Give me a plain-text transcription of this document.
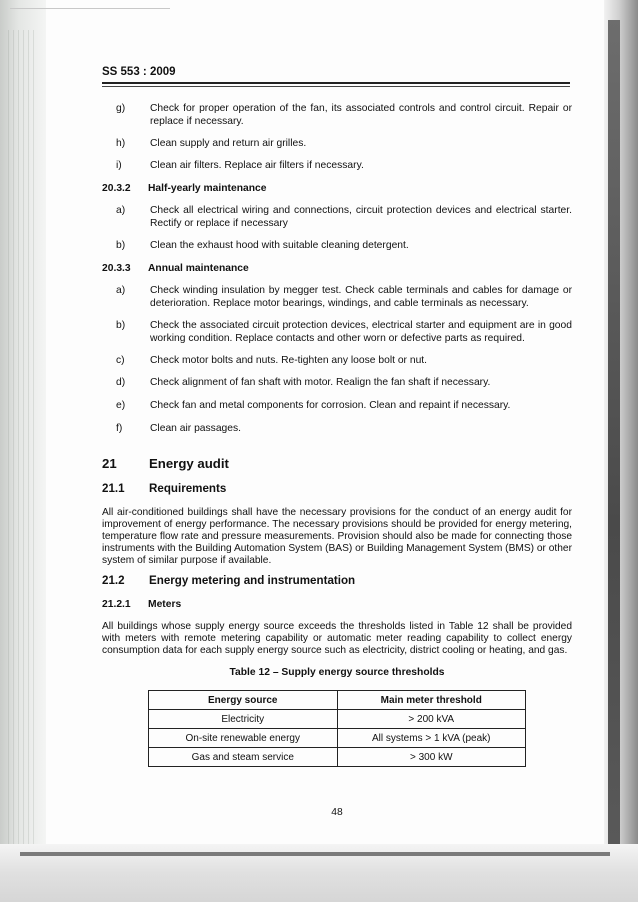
SS 553 : 2009
g) Check for proper operation of the fan, its associated controls and control circuit. Repair or replace if necessary.
h) Clean supply and return air grilles.
i)	Clean air filters. Replace air filters if necessary.
20.3.2 Half-yearly maintenance
a) Check all electrical wiring and connections, circuit protection devices and electrical starter. Rectify or replace if necessary
b) Clean the exhaust hood with suitable cleaning detergent.
20.3.3 Annual maintenance
a) Check winding insulation by megger test. Check cable terminals and cables for damage or deterioration. Replace motor bearings, windings, and cable terminals as necessary.
b) Check the associated circuit protection devices, electrical starter and equipment are in good working condition. Replace contacts and other worn or defective parts as required.
c) Check motor bolts and nuts. Re-tighten any loose bolt or nut.
d) Check alignment of fan shaft with motor. Realign the fan shaft if necessary.
e) Check fan and metal components for corrosion. Clean and repaint if necessary.
f)	Clean air passages.
21 Energy audit
21.1 Requirements
All air-conditioned buildings shall have the necessary provisions for the conduct of an energy audit for improvement of energy performance. The necessary provisions should be provided for energy metering, temperature flow rate and pressure measurements. Provision should also be made for connecting those instruments with the Building Automation System (BAS) or Building Management System (BMS) or other system of similar purpose if available.
21.2 Energy metering and instrumentation
21.2.1 Meters
All buildings whose supply energy source exceeds the thresholds listed in Table 12 shall be provided with meters with remote metering capability or automatic meter reading capability to collect energy consumption data for each supply energy source such as electricity, district cooling or heating, and gas.
Table 12 – Supply energy source thresholds
Energy source	Main meter threshold
Electricity	> 200 kVA
On-site renewable energy	All systems > 1 kVA (peak)
Gas and steam service	> 300 kW
48
